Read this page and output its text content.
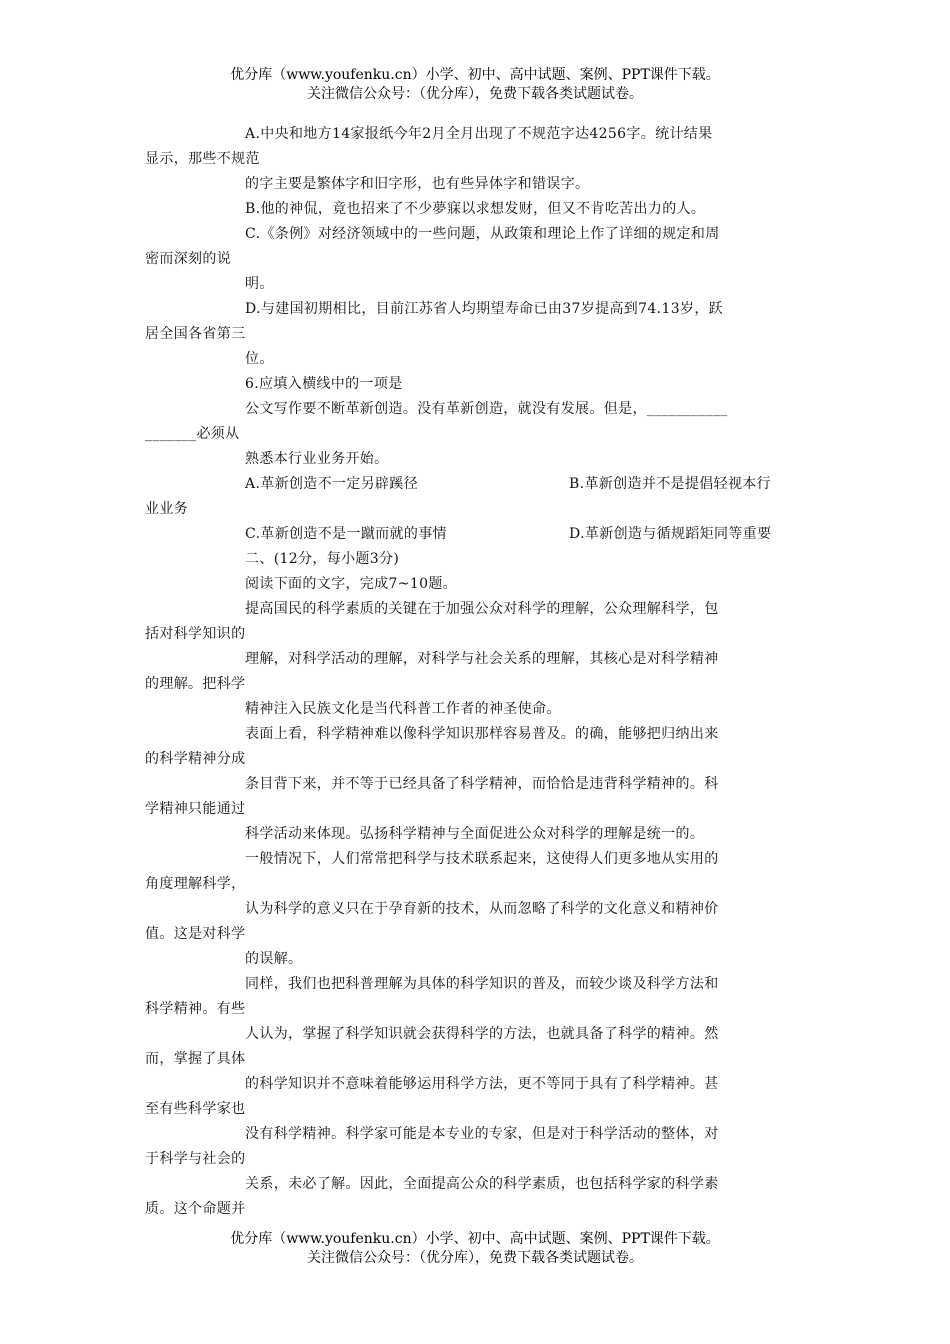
优分库（www.youfenku.cn）小学、初中、高中试题、案例、PPT课件下载。
关注微信公众号：（优分库），免费下载各类试题试卷。
A.中央和地方14家报纸今年2月全月出现了不规范字达4256字。统计结果
显示，那些不规范
的字主要是繁体字和旧字形，也有些异体字和错误字。
B.他的神侃，竟也招来了不少夢寐以求想发财，但又不肯吃苦出力的人。
C.《条例》对经济领域中的一些问题，从政策和理论上作了详细的规定和周
密而深刻的说
明。
D.与建国初期相比，目前江苏省人均期望寿命已由37岁提高到74.13岁，跃
居全国各省第三
位。
6.应填入横线中的一项是
公文写作要不断革新创造。没有革新创造，就没有发展。但是，___________
_______必须从
熟悉本行业业务开始。
A.革新创造不一定另辟蹊径	B.革新创造并不是提倡轻视本行
业业务
C.革新创造不是一蹴而就的事情	D.革新创造与循规蹈矩同等重要
二、(12分，每小题3分)
阅读下面的文字，完成7~10题。
提高国民的科学素质的关键在于加强公众对科学的理解，公众理解科学，包
括对科学知识的
理解，对科学活动的理解，对科学与社会关系的理解，其核心是对科学精神
的理解。把科学
精神注入民族文化是当代科普工作者的神圣使命。
表面上看，科学精神难以像科学知识那样容易普及。的确，能够把归纳出来
的科学精神分成
条目背下来，并不等于已经具备了科学精神，而恰恰是违背科学精神的。科
学精神只能通过
科学活动来体现。弘扬科学精神与全面促进公众对科学的理解是统一的。
一般情况下，人们常常把科学与技术联系起来，这使得人们更多地从实用的
角度理解科学，
认为科学的意义只在于孕育新的技术，从而忽略了科学的文化意义和精神价
值。这是对科学
的误解。
同样，我们也把科普理解为具体的科学知识的普及，而较少谈及科学方法和
科学精神。有些
人认为，掌握了科学知识就会获得科学的方法，也就具备了科学的精神。然
而，掌握了具体
的科学知识并不意味着能够运用科学方法，更不等同于具有了科学精神。甚
至有些科学家也
没有科学精神。科学家可能是本专业的专家，但是对于科学活动的整体，对
于科学与社会的
关系，未必了解。因此，全面提高公众的科学素质，也包括科学家的科学素
质。这个命题并
优分库（www.youfenku.cn）小学、初中、高中试题、案例、PPT课件下载。
关注微信公众号：（优分库），免费下载各类试题试卷。
